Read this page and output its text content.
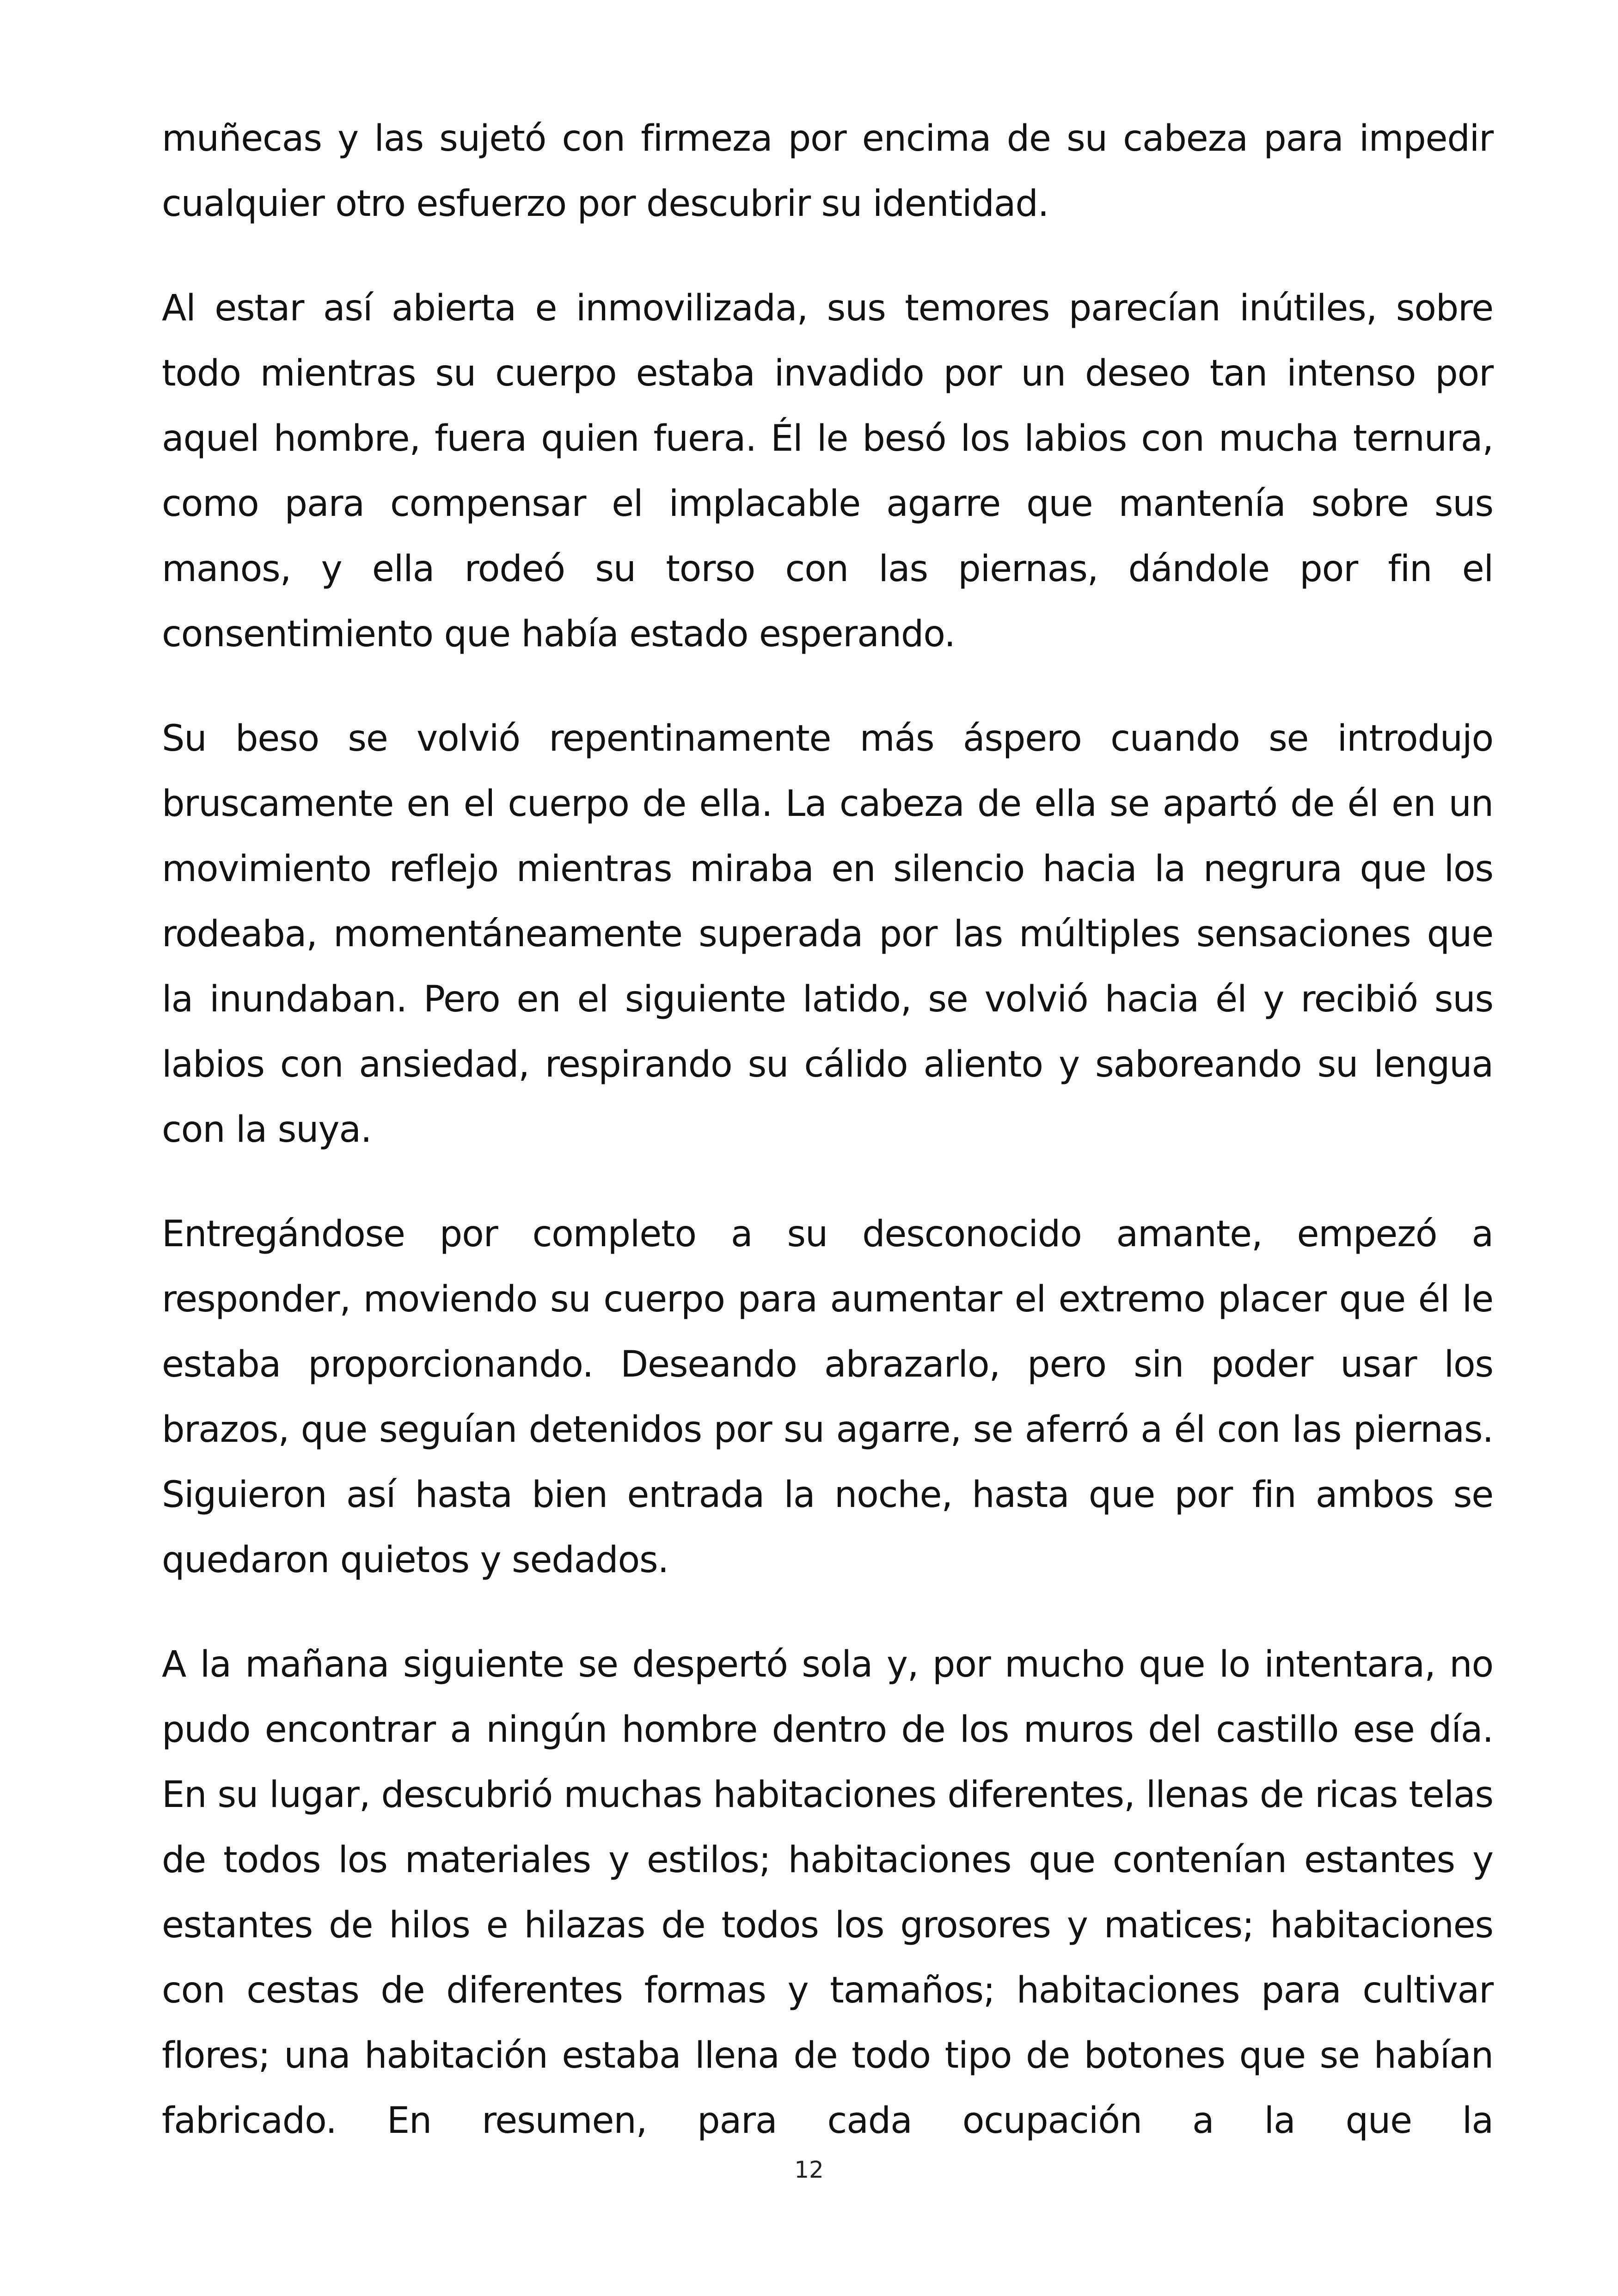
muñecas y las sujetó con firmeza por encima de su cabeza para impedir cualquier otro esfuerzo por descubrir su identidad.

Al estar así abierta e inmovilizada, sus temores parecían inútiles, sobre todo mientras su cuerpo estaba invadido por un deseo tan intenso por aquel hombre, fuera quien fuera. Él le besó los labios con mucha ternura, como para compensar el implacable agarre que mantenía sobre sus manos, y ella rodeó su torso con las piernas, dándole por fin el consentimiento que había estado esperando.

Su beso se volvió repentinamente más áspero cuando se introdujo bruscamente en el cuerpo de ella. La cabeza de ella se apartó de él en un movimiento reflejo mientras miraba en silencio hacia la negrura que los rodeaba, momentáneamente superada por las múltiples sensaciones que la inundaban. Pero en el siguiente latido, se volvió hacia él y recibió sus labios con ansiedad, respirando su cálido aliento y saboreando su lengua con la suya.

Entregándose por completo a su desconocido amante, empezó a responder, moviendo su cuerpo para aumentar el extremo placer que él le estaba proporcionando. Deseando abrazarlo, pero sin poder usar los brazos, que seguían detenidos por su agarre, se aferró a él con las piernas. Siguieron así hasta bien entrada la noche, hasta que por fin ambos se quedaron quietos y sedados.

A la mañana siguiente se despertó sola y, por mucho que lo intentara, no pudo encontrar a ningún hombre dentro de los muros del castillo ese día. En su lugar, descubrió muchas habitaciones diferentes, llenas de ricas telas de todos los materiales y estilos; habitaciones que contenían estantes y estantes de hilos e hilazas de todos los grosores y matices; habitaciones con cestas de diferentes formas y tamaños; habitaciones para cultivar flores; una habitación estaba llena de todo tipo de botones que se habían fabricado. En resumen, para cada ocupación a la que la

12
